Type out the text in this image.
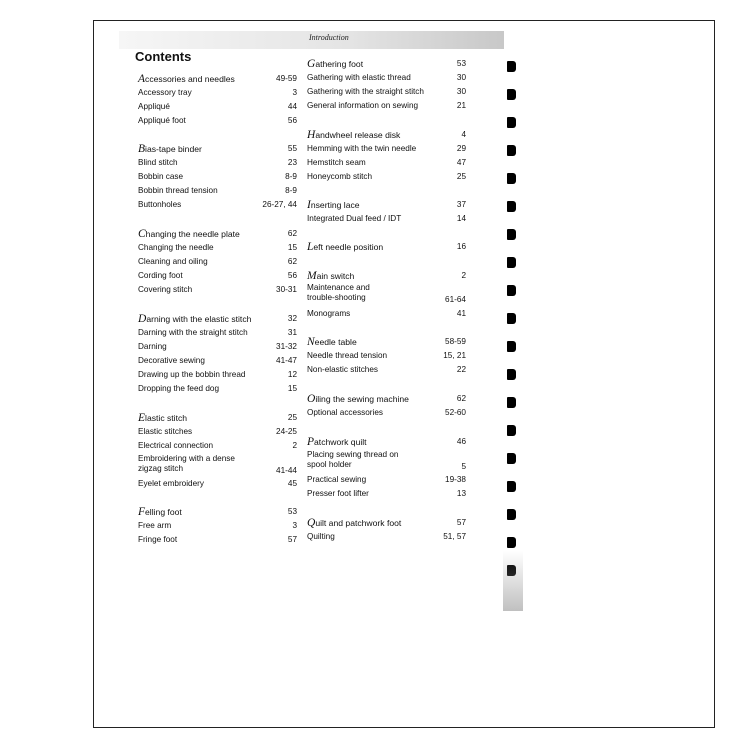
Introduction
Contents
Accessories and needles	49-59
Accessory tray	3
Appliqué	44
Appliqué foot	56
Bias-tape binder	55
Blind stitch	23
Bobbin case	8-9
Bobbin thread tension	8-9
Buttonholes	26-27, 44
Changing the needle plate	62
Changing the needle	15
Cleaning and oiling	62
Cording foot	56
Covering stitch	30-31
Darning with the elastic stitch	32
Darning with the straight stitch	31
Darning	31-32
Decorative sewing	41-47
Drawing up the bobbin thread	12
Dropping the feed dog	15
Elastic stitch	25
Elastic stitches	24-25
Electrical connection	2
Embroidering with a dense
zigzag stitch	41-44
Eyelet embroidery	45
Felling foot	53
Free arm	3
Fringe foot	57
Gathering foot	53
Gathering with elastic thread	30
Gathering with the straight stitch	30
General information on sewing	21
Handwheel release disk	4
Hemming with the twin needle	29
Hemstitch seam	47
Honeycomb stitch	25
Inserting lace	37
Integrated Dual feed / IDT	14
Left needle position	16
Main switch	2
Maintenance and
trouble-shooting	61-64
Monograms	41
Needle table	58-59
Needle thread tension	15, 21
Non-elastic stitches	22
Oiling the sewing machine	62
Optional accessories	52-60
Patchwork quilt	46
Placing sewing thread on
spool holder	5
Practical sewing	19-38
Presser foot lifter	13
Quilt and patchwork foot	57
Quilting	51, 57
